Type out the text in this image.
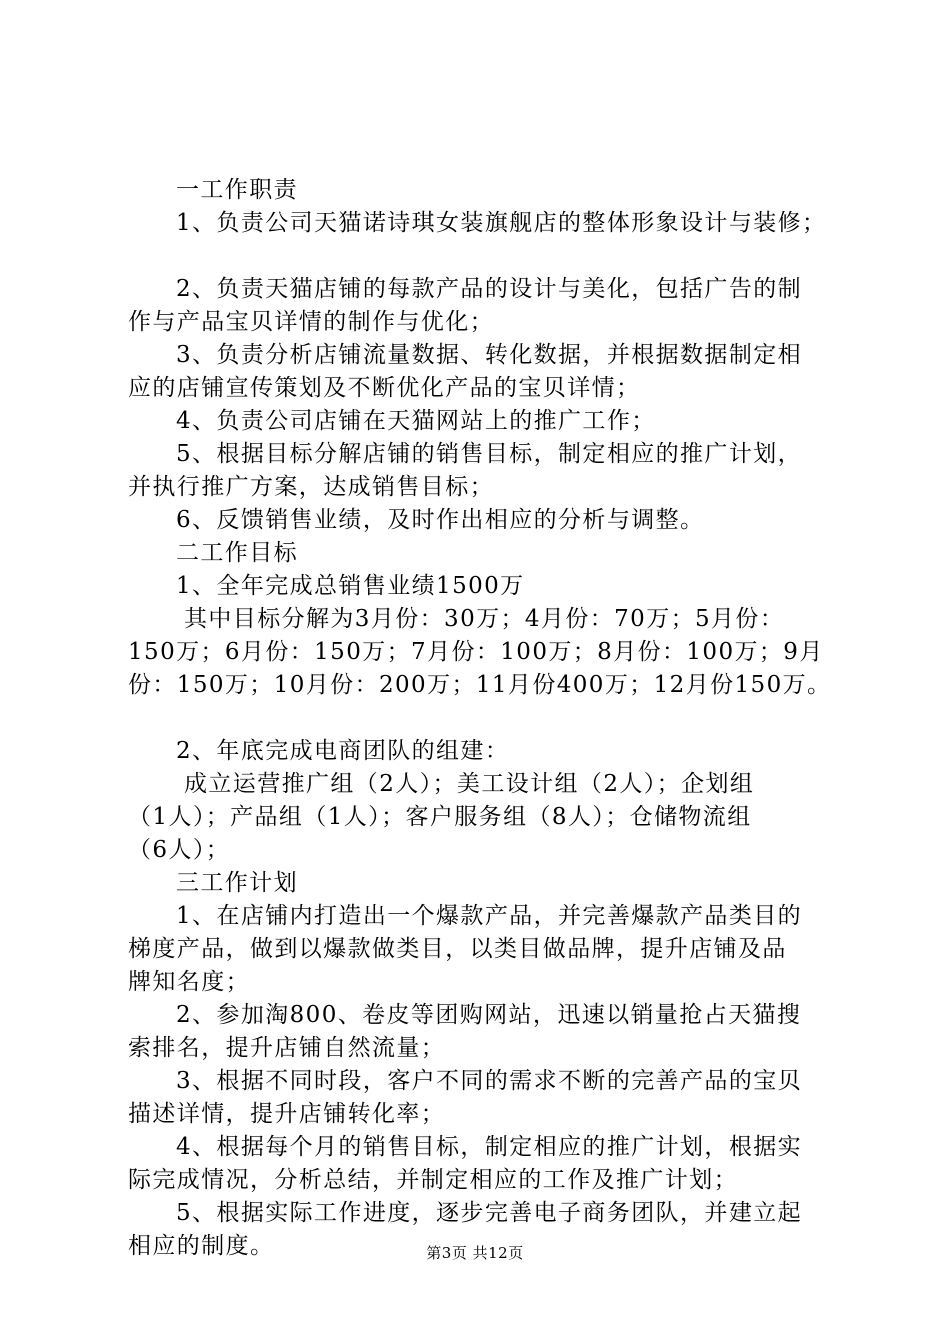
一工作职责
1、负责公司天猫诺诗琪女装旗舰店的整体形象设计与装修；
2、负责天猫店铺的每款产品的设计与美化，包括广告的制
作与产品宝贝详情的制作与优化；
3、负责分析店铺流量数据、转化数据，并根据数据制定相
应的店铺宣传策划及不断优化产品的宝贝详情；
4、负责公司店铺在天猫网站上的推广工作；
5、根据目标分解店铺的销售目标，制定相应的推广计划，
并执行推广方案，达成销售目标；
6、反馈销售业绩，及时作出相应的分析与调整。
二工作目标
1、全年完成总销售业绩1500万
其中目标分解为3月份：30万；4月份：70万；5月份：
150万；6月份：150万；7月份：100万；8月份：100万；9月
份：150万；10月份：200万；11月份400万；12月份150万。
2、年底完成电商团队的组建：
成立运营推广组（2人）；美工设计组（2人）；企划组
（1人）；产品组（1人）；客户服务组（8人）；仓储物流组
（6人）；
三工作计划
1、在店铺内打造出一个爆款产品，并完善爆款产品类目的
梯度产品，做到以爆款做类目，以类目做品牌，提升店铺及品
牌知名度；
2、参加淘800、卷皮等团购网站，迅速以销量抢占天猫搜
索排名，提升店铺自然流量；
3、根据不同时段，客户不同的需求不断的完善产品的宝贝
描述详情，提升店铺转化率；
4、根据每个月的销售目标，制定相应的推广计划，根据实
际完成情况，分析总结，并制定相应的工作及推广计划；
5、根据实际工作进度，逐步完善电子商务团队，并建立起
相应的制度。	第3页 共12页
